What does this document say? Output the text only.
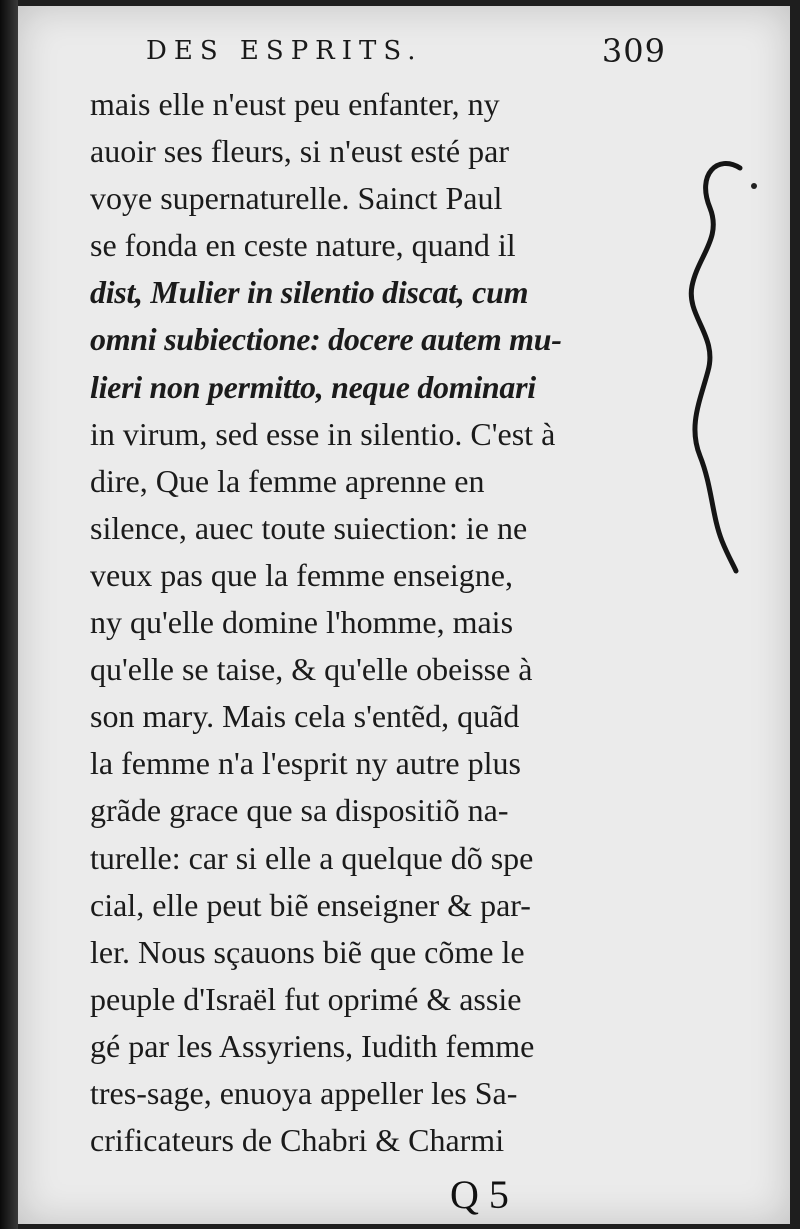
DES ESPRITS.	309
mais elle n'eust peu enfanter, ny
auoir ses fleurs, si n'eust esté par
voye supernaturelle. Sainct Paul
se fonda en ceste nature, quand il
dist, Mulier in silentio discat, cum
omni subiectione: docere autem mu-
lieri non permitto, neque dominari
in virum, sed esse in silentio. C'est à
dire, Que la femme aprenne en
silence, auec toute suiection: ie ne
veux pas que la femme enseigne,
ny qu'elle domine l'homme, mais
qu'elle se taise, & qu'elle obeisse à
son mary. Mais cela s'entẽd, quãd
la femme n'a l'esprit ny autre plus
grãde grace que sa dispositiõ na-
turelle: car si elle a quelque dõ spe
cial, elle peut biẽ enseigner & par-
ler. Nous sçauons biẽ que cõme le
peuple d'Israël fut oprimé & assie
gé par les Assyriens, Iudith femme
tres-sage, enuoya appeller les Sa-
crificateurs de Chabri & Charmi
Q 5
